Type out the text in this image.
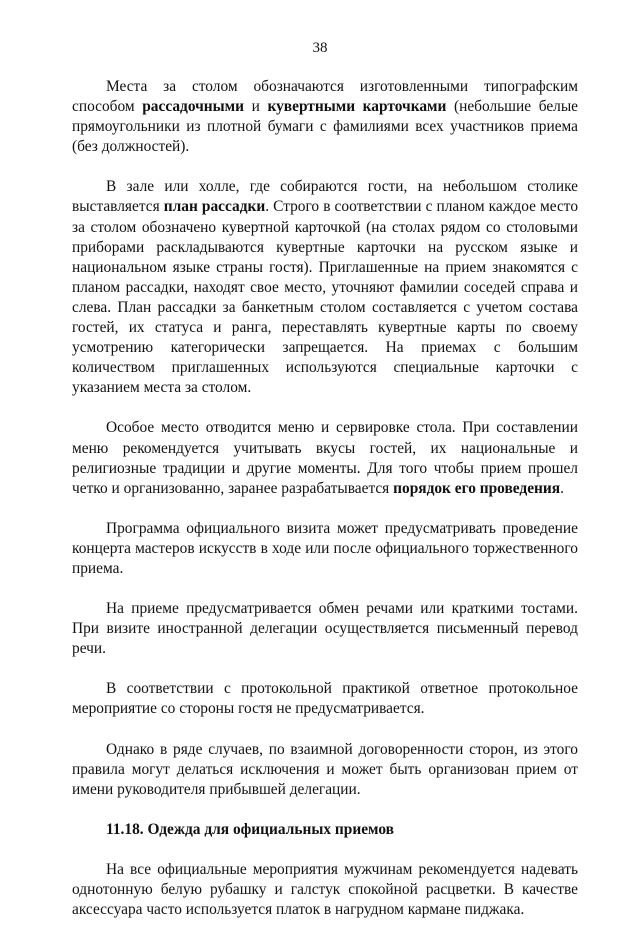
38

Места за столом обозначаются изготовленными типографским способом рассадочными и кувертными карточками (небольшие белые прямоугольники из плотной бумаги с фамилиями всех участников приема (без должностей).

В зале или холле, где собираются гости, на небольшом столике выставляется план рассадки. Строго в соответствии с планом каждое место за столом обозначено кувертной карточкой (на столах рядом со столовыми приборами раскладываются кувертные карточки на русском языке и национальном языке страны гостя). Приглашенные на прием знакомятся с планом рассадки, находят свое место, уточняют фамилии соседей справа и слева. План рассадки за банкетным столом составляется с учетом состава гостей, их статуса и ранга, переставлять кувертные карты по своему усмотрению категорически запрещается. На приемах с большим количеством приглашенных используются специальные карточки с указанием места за столом.

Особое место отводится меню и сервировке стола. При составлении меню рекомендуется учитывать вкусы гостей, их национальные и религиозные традиции и другие моменты. Для того чтобы прием прошел четко и организованно, заранее разрабатывается порядок его проведения.

Программа официального визита может предусматривать проведение концерта мастеров искусств в ходе или после официального торжественного приема.

На приеме предусматривается обмен речами или краткими тостами. При визите иностранной делегации осуществляется письменный перевод речи.

В соответствии с протокольной практикой ответное протокольное мероприятие со стороны гостя не предусматривается.

Однако в ряде случаев, по взаимной договоренности сторон, из этого правила могут делаться исключения и может быть организован прием от имени руководителя прибывшей делегации.

11.18. Одежда для официальных приемов

На все официальные мероприятия мужчинам рекомендуется надевать однотонную белую рубашку и галстук спокойной расцветки. В качестве аксессуара часто используется платок в нагрудном кармане пиджака.
